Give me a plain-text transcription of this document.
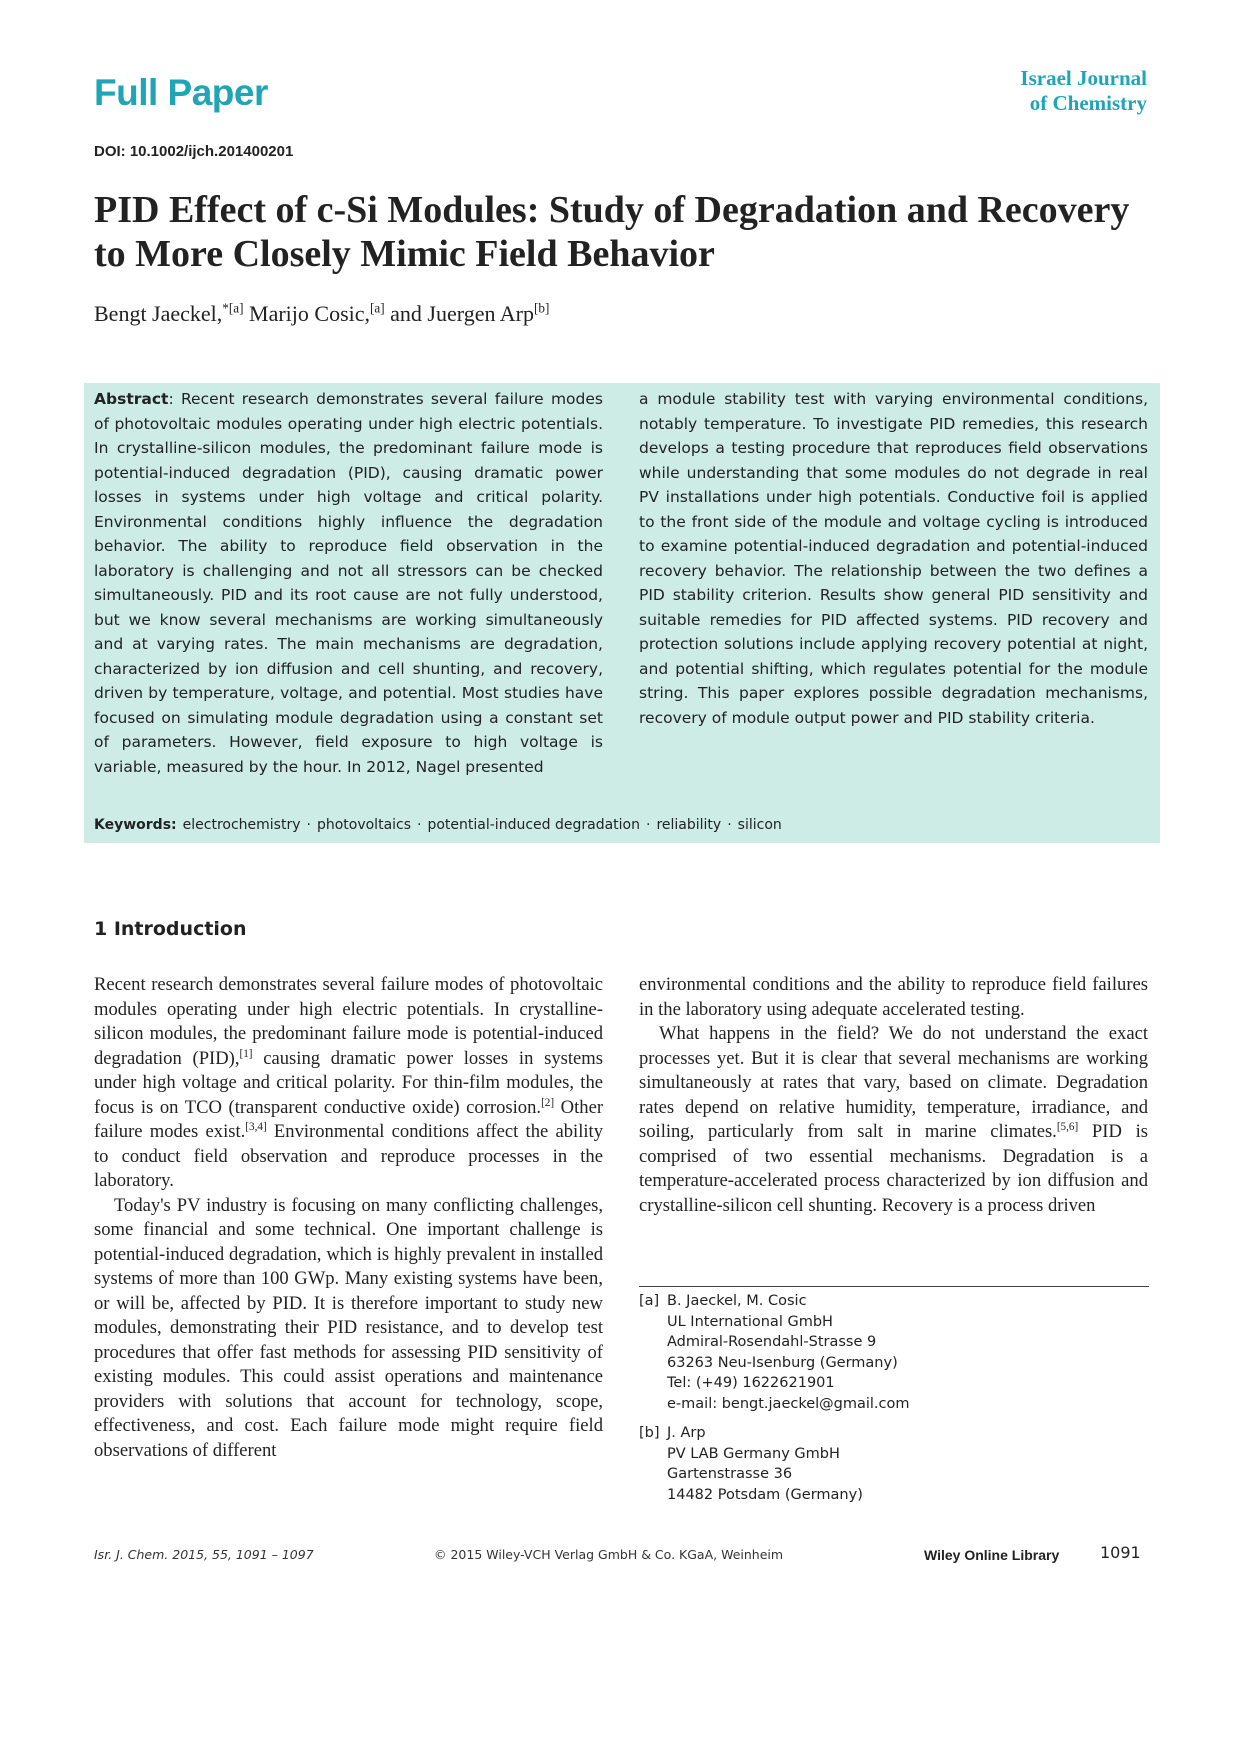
Full Paper	Israel Journal
of Chemistry
DOI: 10.1002/ijch.201400201
PID Effect of c-Si Modules: Study of Degradation and Recovery to More Closely Mimic Field Behavior
Bengt Jaeckel,$^{*[a]}$ Marijo Cosic,[a] and Juergen Arp[b]

Abstract: Recent research demonstrates several failure modes of photovoltaic modules operating under high electric potentials. In crystalline-silicon modules, the predominant failure mode is potential-induced degradation (PID), causing dramatic power losses in systems under high voltage and critical polarity. Environmental conditions highly influence the degradation behavior. The ability to reproduce field observation in the laboratory is challenging and not all stressors can be checked simultaneously. PID and its root cause are not fully understood, but we know several mechanisms are working simultaneously and at varying rates. The main mechanisms are degradation, characterized by ion diffusion and cell shunting, and recovery, driven by temperature, voltage, and potential. Most studies have focused on simulating module degradation using a constant set of parameters. However, field exposure to high voltage is variable, measured by the hour. In 2012, Nagel presented

a module stability test with varying environmental conditions, notably temperature. To investigate PID remedies, this research develops a testing procedure that reproduces field observations while understanding that some modules do not degrade in real PV installations under high potentials. Conductive foil is applied to the front side of the module and voltage cycling is introduced to examine potential-induced degradation and potential-induced recovery behavior. The relationship between the two defines a PID stability criterion. Results show general PID sensitivity and suitable remedies for PID affected systems. PID recovery and protection solutions include applying recovery potential at night, and potential shifting, which regulates potential for the module string. This paper explores possible degradation mechanisms, recovery of module output power and PID stability criteria.

Keywords: electrochemistry · photovoltaics · potential-induced degradation · reliability · silicon
1 Introduction

Recent research demonstrates several failure modes of photovoltaic modules operating under high electric potentials. In crystalline-silicon modules, the predominant failure mode is potential-induced degradation (PID),[1] causing dramatic power losses in systems under high voltage and critical polarity. For thin-film modules, the focus is on TCO (transparent conductive oxide) corrosion.[2] Other failure modes exist.[3,4] Environmental conditions affect the ability to conduct field observation and reproduce processes in the laboratory.

Today's PV industry is focusing on many conflicting challenges, some financial and some technical. One important challenge is potential-induced degradation, which is highly prevalent in installed systems of more than 100 GWp. Many existing systems have been, or will be, affected by PID. It is therefore important to study new modules, demonstrating their PID resistance, and to develop test procedures that offer fast methods for assessing PID sensitivity of existing modules. This could assist operations and maintenance providers with solutions that account for technology, scope, effectiveness, and cost. Each failure mode might require field observations of different

environmental conditions and the ability to reproduce field failures in the laboratory using adequate accelerated testing.

What happens in the field? We do not understand the exact processes yet. But it is clear that several mechanisms are working simultaneously at rates that vary, based on climate. Degradation rates depend on relative humidity, temperature, irradiance, and soiling, particularly from salt in marine climates.[5,6] PID is comprised of two essential mechanisms. Degradation is a temperature-accelerated process characterized by ion diffusion and crystalline-silicon cell shunting. Recovery is a process driven

[a] B. Jaeckel, M. Cosic
UL International GmbH
Admiral-Rosendahl-Strasse 9
63263 Neu-Isenburg (Germany)
Tel: (+49) 1622621901
e-mail: bengt.jaeckel@gmail.com
[b] J. Arp
PV LAB Germany GmbH
Gartenstrasse 36
14482 Potsdam (Germany)
Isr. J. Chem. 2015, 55, 1091 – 1097	© 2015 Wiley-VCH Verlag GmbH & Co. KGaA, Weinheim	Wiley Online Library	1091
